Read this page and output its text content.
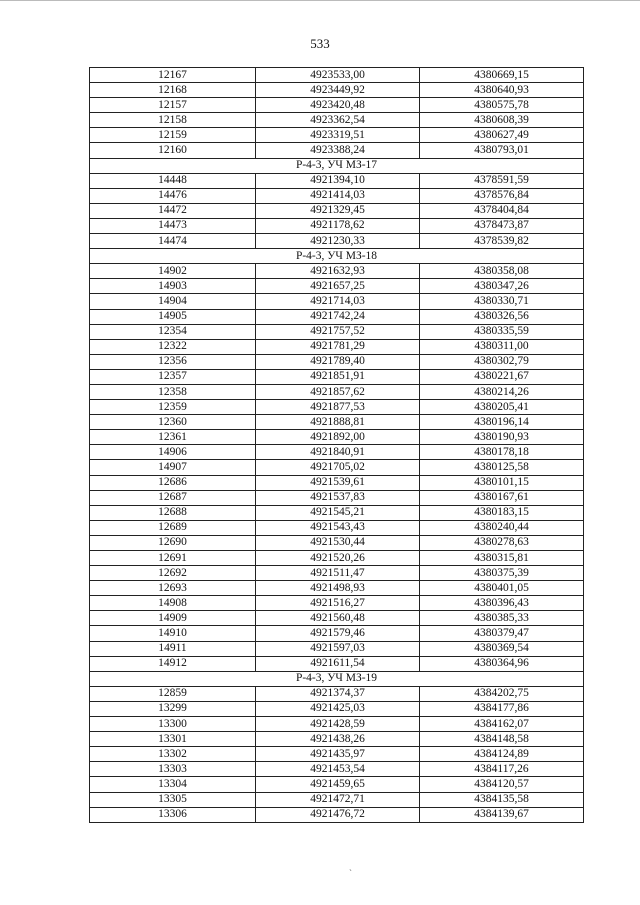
533
12167	4923533,00	4380669,15
12168	4923449,92	4380640,93
12157	4923420,48	4380575,78
12158	4923362,54	4380608,39
12159	4923319,51	4380627,49
12160	4923388,24	4380793,01
Р-4-3, УЧ МЗ-17		
14448	4921394,10	4378591,59
14476	4921414,03	4378576,84
14472	4921329,45	4378404,84
14473	4921178,62	4378473,87
14474	4921230,33	4378539,82
Р-4-3, УЧ МЗ-18		
14902	4921632,93	4380358,08
14903	4921657,25	4380347,26
14904	4921714,03	4380330,71
14905	4921742,24	4380326,56
12354	4921757,52	4380335,59
12322	4921781,29	4380311,00
12356	4921789,40	4380302,79
12357	4921851,91	4380221,67
12358	4921857,62	4380214,26
12359	4921877,53	4380205,41
12360	4921888,81	4380196,14
12361	4921892,00	4380190,93
14906	4921840,91	4380178,18
14907	4921705,02	4380125,58
12686	4921539,61	4380101,15
12687	4921537,83	4380167,61
12688	4921545,21	4380183,15
12689	4921543,43	4380240,44
12690	4921530,44	4380278,63
12691	4921520,26	4380315,81
12692	4921511,47	4380375,39
12693	4921498,93	4380401,05
14908	4921516,27	4380396,43
14909	4921560,48	4380385,33
14910	4921579,46	4380379,47
14911	4921597,03	4380369,54
14912	4921611,54	4380364,96
Р-4-3, УЧ МЗ-19		
12859	4921374,37	4384202,75
13299	4921425,03	4384177,86
13300	4921428,59	4384162,07
13301	4921438,26	4384148,58
13302	4921435,97	4384124,89
13303	4921453,54	4384117,26
13304	4921459,65	4384120,57
13305	4921472,71	4384135,58
13306	4921476,72	4384139,67
`
